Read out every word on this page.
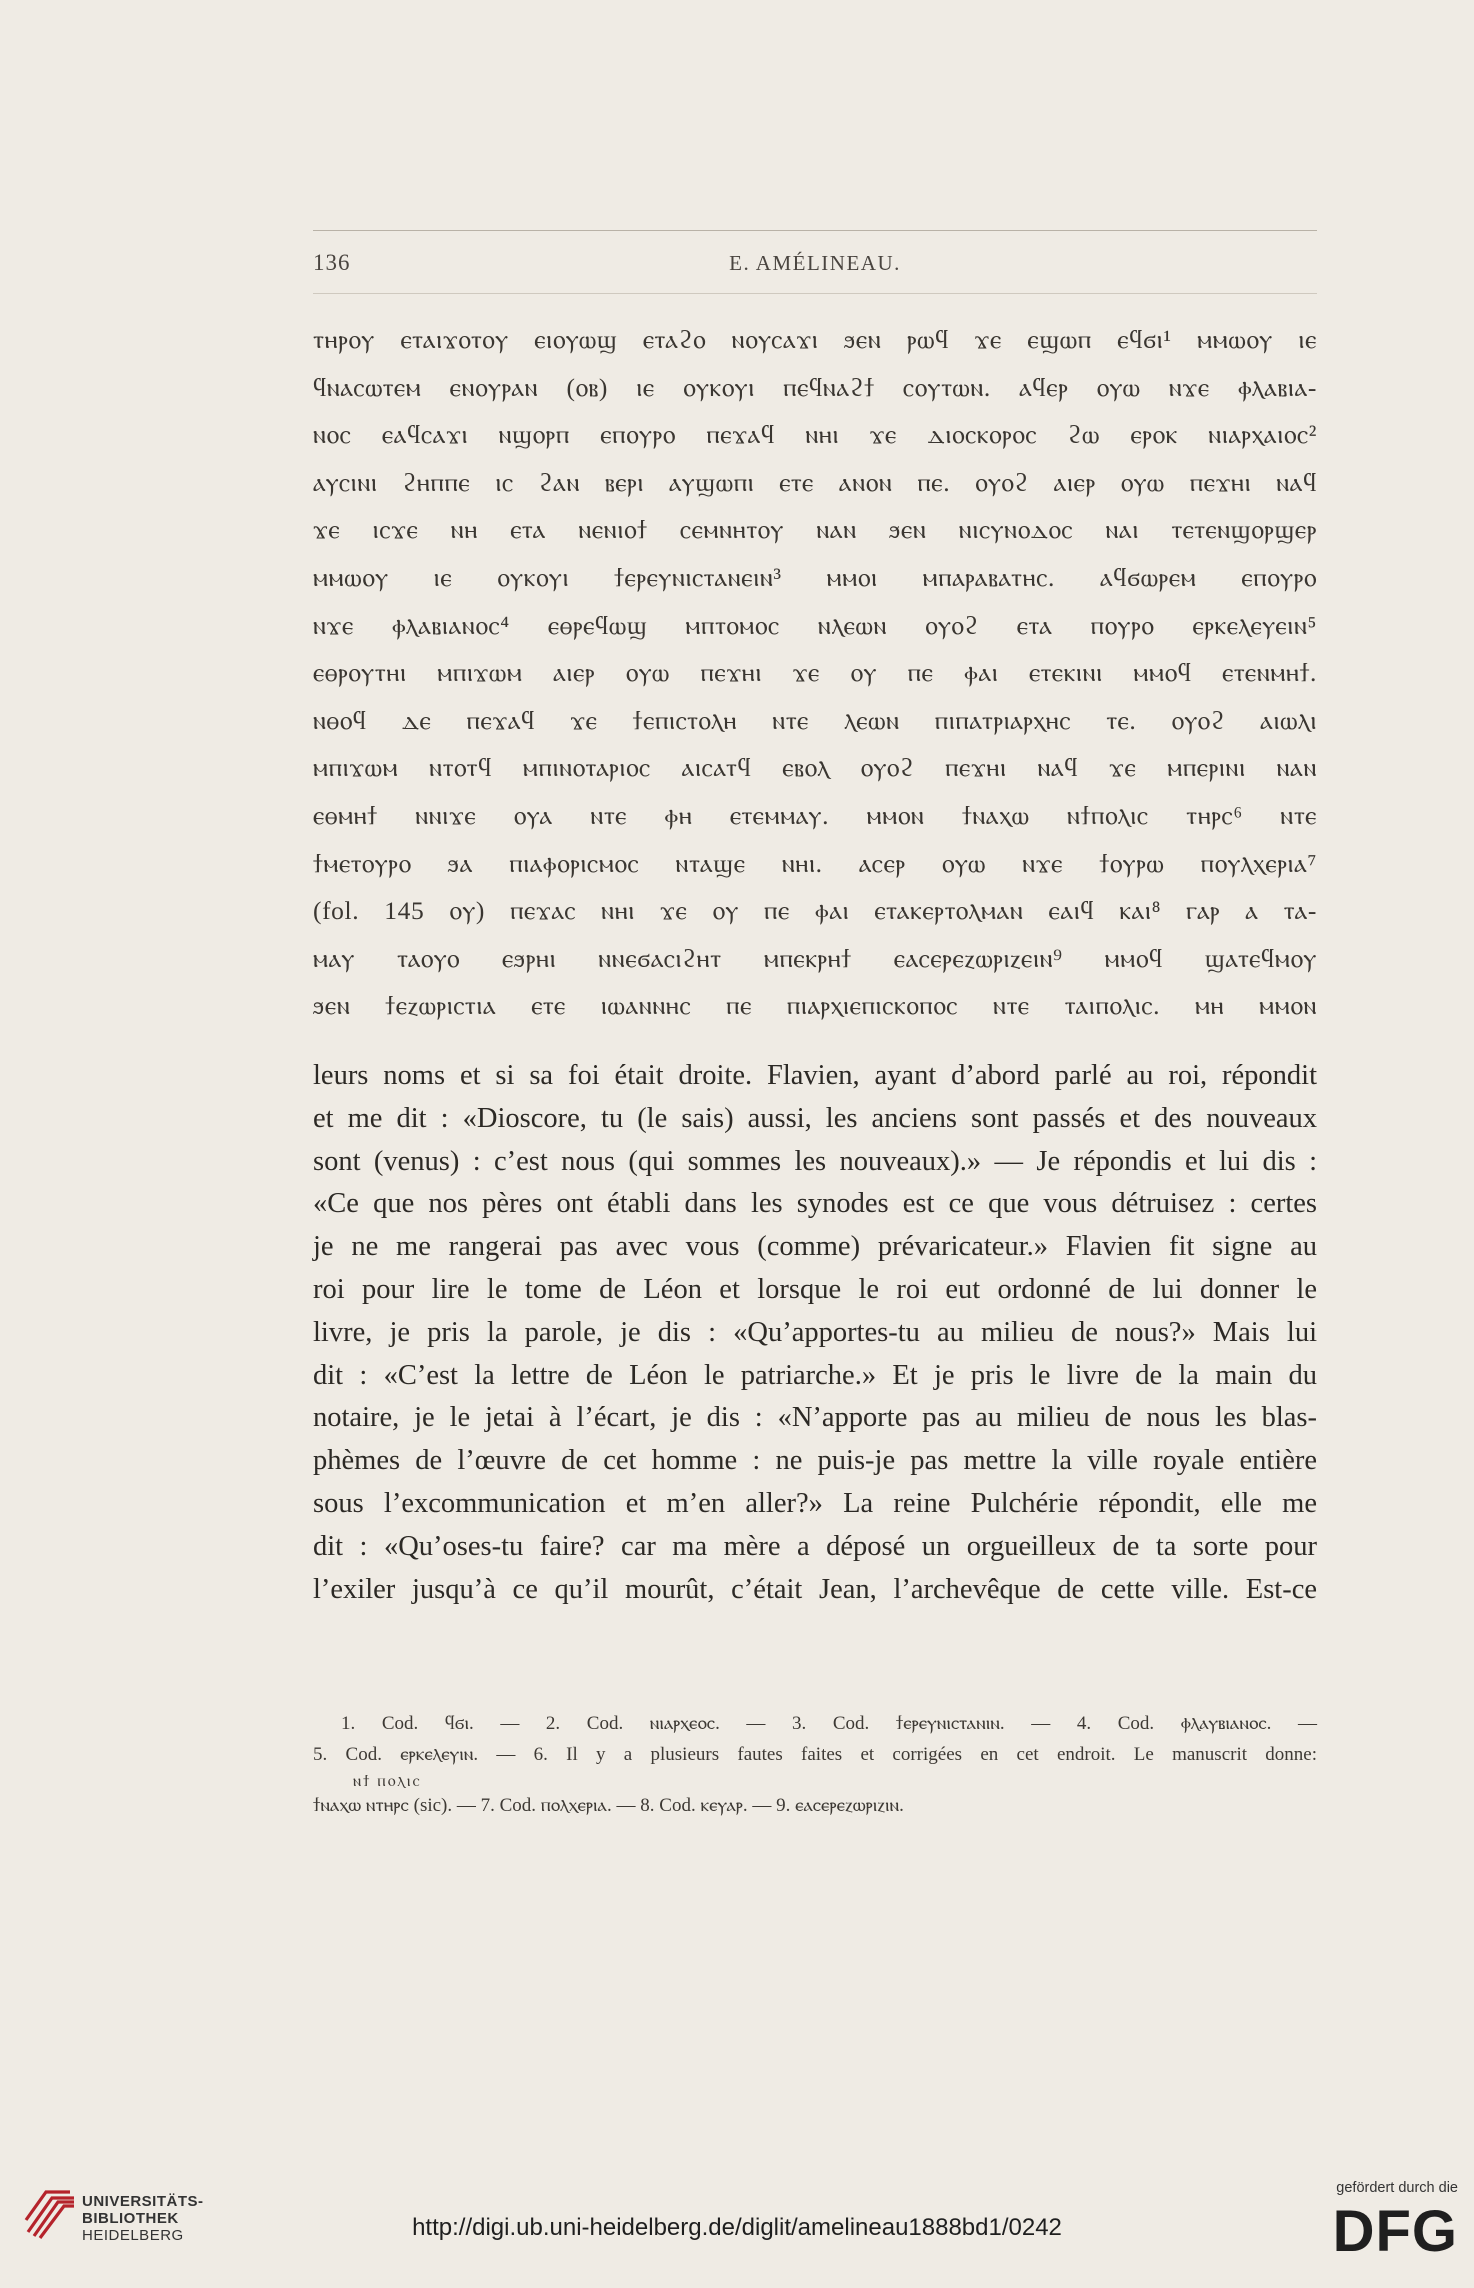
136	E. AMÉLINEAU.
ⲧⲏⲣⲟⲩ ⲉⲧⲁⲓϫⲟⲧⲟⲩ ⲉⲓⲟⲩⲱϣ ⲉⲧⲁϩⲟ ⲛⲟⲩⲥⲁϫⲓ ϧⲉⲛ ⲣⲱϥ ϫⲉ ⲉϣⲱⲡ ⲉϥϭⲓ¹ ⲙⲙⲱⲟⲩ ⲓⲉ
ϥⲛⲁⲥⲱⲧⲉⲙ ⲉⲛⲟⲩⲣⲁⲛ (ⲟⲃ) ⲓⲉ ⲟⲩⲕⲟⲩⲓ ⲡⲉϥⲛⲁϩϯ ⲥⲟⲩⲧⲱⲛ. ⲁϥⲉⲣ ⲟⲩⲱ ⲛϫⲉ ⲫⲗⲁⲃⲓⲁ-
ⲛⲟⲥ ⲉⲁϥⲥⲁϫⲓ ⲛϣⲟⲣⲡ ⲉⲡⲟⲩⲣⲟ ⲡⲉϫⲁϥ ⲛⲏⲓ ϫⲉ ⲇⲓⲟⲥⲕⲟⲣⲟⲥ ϩⲱ ⲉⲣⲟⲕ ⲛⲓⲁⲣⲭⲁⲓⲟⲥ²
ⲁⲩⲥⲓⲛⲓ ϩⲏⲡⲡⲉ ⲓⲥ ϩⲁⲛ ⲃⲉⲣⲓ ⲁⲩϣⲱⲡⲓ ⲉⲧⲉ ⲁⲛⲟⲛ ⲡⲉ. ⲟⲩⲟϩ ⲁⲓⲉⲣ ⲟⲩⲱ ⲡⲉϫⲏⲓ ⲛⲁϥ
ϫⲉ ⲓⲥϫⲉ ⲛⲏ ⲉⲧⲁ ⲛⲉⲛⲓⲟϯ ⲥⲉⲙⲛⲏⲧⲟⲩ ⲛⲁⲛ ϧⲉⲛ ⲛⲓⲥⲩⲛⲟⲇⲟⲥ ⲛⲁⲓ ⲧⲉⲧⲉⲛϣⲟⲣϣⲉⲣ
ⲙⲙⲱⲟⲩ ⲓⲉ ⲟⲩⲕⲟⲩⲓ ϯⲉⲣⲉⲩⲛⲓⲥⲧⲁⲛⲉⲓⲛ³ ⲙⲙⲟⲓ ⲙⲡⲁⲣⲁⲃⲁⲧⲏⲥ. ⲁϥϭⲱⲣⲉⲙ ⲉⲡⲟⲩⲣⲟ
ⲛϫⲉ ⲫⲗⲁⲃⲓⲁⲛⲟⲥ⁴ ⲉⲑⲣⲉϥⲱϣ ⲙⲡⲧⲟⲙⲟⲥ ⲛⲗⲉⲱⲛ ⲟⲩⲟϩ ⲉⲧⲁ ⲡⲟⲩⲣⲟ ⲉⲣⲕⲉⲗⲉⲩⲉⲓⲛ⁵
ⲉⲑⲣⲟⲩⲧⲏⲓ ⲙⲡⲓϫⲱⲙ ⲁⲓⲉⲣ ⲟⲩⲱ ⲡⲉϫⲏⲓ ϫⲉ ⲟⲩ ⲡⲉ ⲫⲁⲓ ⲉⲧⲉⲕⲓⲛⲓ ⲙⲙⲟϥ ⲉⲧⲉⲛⲙⲏϯ.
ⲛⲑⲟϥ ⲇⲉ ⲡⲉϫⲁϥ ϫⲉ ϯⲉⲡⲓⲥⲧⲟⲗⲏ ⲛⲧⲉ ⲗⲉⲱⲛ ⲡⲓⲡⲁⲧⲣⲓⲁⲣⲭⲏⲥ ⲧⲉ. ⲟⲩⲟϩ ⲁⲓⲱⲗⲓ
ⲙⲡⲓϫⲱⲙ ⲛⲧⲟⲧϥ ⲙⲡⲓⲛⲟⲧⲁⲣⲓⲟⲥ ⲁⲓⲥⲁⲧϥ ⲉⲃⲟⲗ ⲟⲩⲟϩ ⲡⲉϫⲏⲓ ⲛⲁϥ ϫⲉ ⲙⲡⲉⲣⲓⲛⲓ ⲛⲁⲛ
ⲉⲑⲙⲏϯ ⲛⲛⲓϫⲉ ⲟⲩⲁ ⲛⲧⲉ ⲫⲏ ⲉⲧⲉⲙⲙⲁⲩ. ⲙⲙⲟⲛ ϯⲛⲁⲭⲱ ⲛϯⲡⲟⲗⲓⲥ ⲧⲏⲣⲥ⁶ ⲛⲧⲉ
ϯⲙⲉⲧⲟⲩⲣⲟ ϧⲁ ⲡⲓⲁⲫⲟⲣⲓⲥⲙⲟⲥ ⲛⲧⲁϣⲉ ⲛⲏⲓ. ⲁⲥⲉⲣ ⲟⲩⲱ ⲛϫⲉ ϯⲟⲩⲣⲱ ⲡⲟⲩⲗⲭⲉⲣⲓⲁ⁷
(fol. 145 ⲟⲩ) ⲡⲉϫⲁⲥ ⲛⲏⲓ ϫⲉ ⲟⲩ ⲡⲉ ⲫⲁⲓ ⲉⲧⲁⲕⲉⲣⲧⲟⲗⲙⲁⲛ ⲉⲁⲓϥ ⲕⲁⲓ⁸ ⲅⲁⲣ ⲁ ⲧⲁ-
ⲙⲁⲩ ⲧⲁⲟⲩⲟ ⲉϧⲣⲏⲓ ⲛⲛⲉϭⲁⲥⲓϩⲏⲧ ⲙⲡⲉⲕⲣⲏϯ ⲉⲁⲥⲉⲣⲉⲍⲱⲣⲓⲍⲉⲓⲛ⁹ ⲙⲙⲟϥ ϣⲁⲧⲉϥⲙⲟⲩ
ϧⲉⲛ ϯⲉⲍⲱⲣⲓⲥⲧⲓⲁ ⲉⲧⲉ ⲓⲱⲁⲛⲛⲏⲥ ⲡⲉ ⲡⲓⲁⲣⲭⲓⲉⲡⲓⲥⲕⲟⲡⲟⲥ ⲛⲧⲉ ⲧⲁⲓⲡⲟⲗⲓⲥ. ⲙⲏ ⲙⲙⲟⲛ
leurs noms et si sa foi était droite. Flavien, ayant d’abord parlé au roi, répondit
et me dit : «Dioscore, tu (le sais) aussi, les anciens sont passés et des nouveaux
sont (venus) : c’est nous (qui sommes les nouveaux).» — Je répondis et lui dis :
«Ce que nos pères ont établi dans les synodes est ce que vous détruisez : certes
je ne me rangerai pas avec vous (comme) prévaricateur.» Flavien fit signe au
roi pour lire le tome de Léon et lorsque le roi eut ordonné de lui donner le
livre, je pris la parole, je dis : «Qu’apportes-tu au milieu de nous?» Mais lui
dit : «C’est la lettre de Léon le patriarche.» Et je pris le livre de la main du
notaire, je le jetai à l’écart, je dis : «N’apporte pas au milieu de nous les blas-
phèmes de l’œuvre de cet homme : ne puis-je pas mettre la ville royale entière
sous l’excommunication et m’en aller?» La reine Pulchérie répondit, elle me
dit : «Qu’oses-tu faire? car ma mère a déposé un orgueilleux de ta sorte pour
l’exiler jusqu’à ce qu’il mourût, c’était Jean, l’archevêque de cette ville. Est-ce
1. Cod. ϥϭⲓ. — 2. Cod. ⲛⲓⲁⲣⲭⲉⲟⲥ. — 3. Cod. ϯⲉⲣⲉⲩⲛⲓⲥⲧⲁⲛⲓⲛ. — 4. Cod. ⲫⲗⲁⲩⲃⲓⲁⲛⲟⲥ. —
5. Cod. ⲉⲣⲕⲉⲗⲉⲩⲓⲛ. — 6. Il y a plusieurs fautes faites et corrigées en cet endroit. Le manuscrit donne:
ⲛϯ ⲡⲟⲗⲓⲥ
ϯⲛⲁⲭⲱ ⲛⲧⲏⲣⲥ (sic). — 7. Cod. ⲡⲟⲗⲭⲉⲣⲓⲁ. — 8. Cod. ⲕⲉⲩⲁⲣ. — 9. ⲉⲁⲥⲉⲣⲉⲍⲱⲣⲓⲍⲓⲛ.
UNIVERSITÄTS-
BIBLIOTHEK
HEIDELBERG	http://digi.ub.uni-heidelberg.de/diglit/amelineau1888bd1/0242
gefördert durch die
DFG
